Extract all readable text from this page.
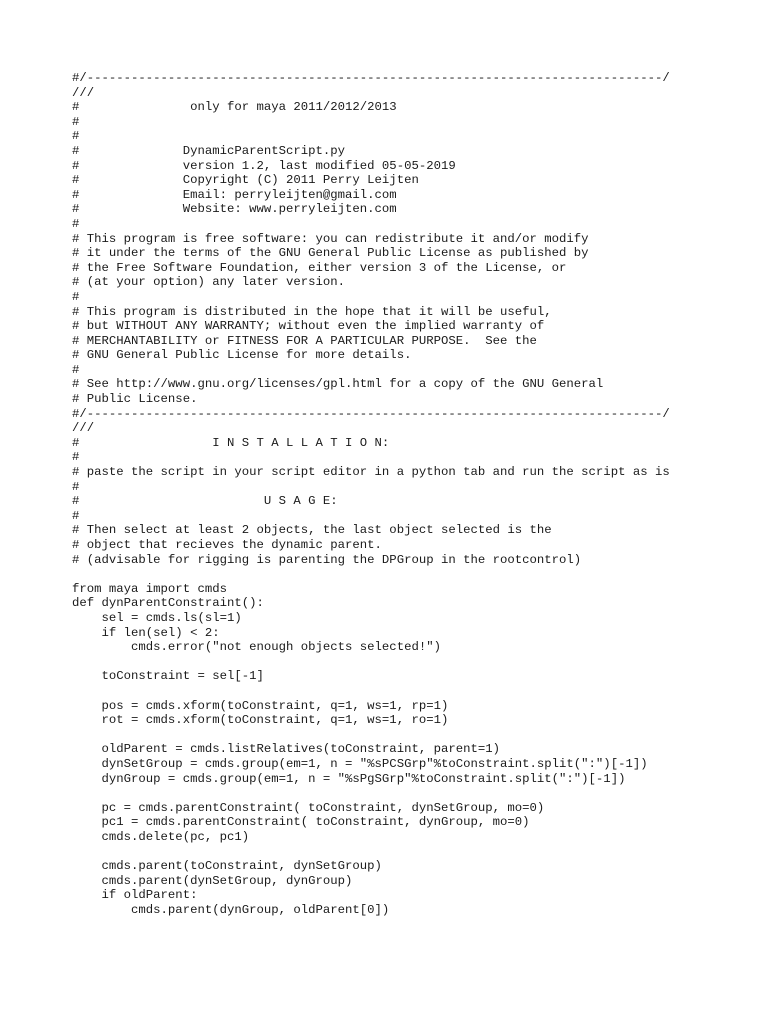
#/------------------------------------------------------------------------------/
///
#               only for maya 2011/2012/2013
#
#
#              DynamicParentScript.py
#              version 1.2, last modified 05-05-2019
#              Copyright (C) 2011 Perry Leijten
#              Email: perryleijten@gmail.com
#              Website: www.perryleijten.com
#
# This program is free software: you can redistribute it and/or modify
# it under the terms of the GNU General Public License as published by
# the Free Software Foundation, either version 3 of the License, or
# (at your option) any later version.
#
# This program is distributed in the hope that it will be useful,
# but WITHOUT ANY WARRANTY; without even the implied warranty of
# MERCHANTABILITY or FITNESS FOR A PARTICULAR PURPOSE.  See the
# GNU General Public License for more details.
#
# See http://www.gnu.org/licenses/gpl.html for a copy of the GNU General
# Public License.
#/------------------------------------------------------------------------------/
///
#                  I N S T A L L A T I O N:
#
# paste the script in your script editor in a python tab and run the script as is
#
#                         U S A G E:
#
# Then select at least 2 objects, the last object selected is the
# object that recieves the dynamic parent.
# (advisable for rigging is parenting the DPGroup in the rootcontrol)
from maya import cmds
def dynParentConstraint():
sel = cmds.ls(sl=1)
if len(sel) < 2:
cmds.error("not enough objects selected!")
toConstraint = sel[-1]
pos = cmds.xform(toConstraint, q=1, ws=1, rp=1)
rot = cmds.xform(toConstraint, q=1, ws=1, ro=1)
oldParent = cmds.listRelatives(toConstraint, parent=1)
dynSetGroup = cmds.group(em=1, n = "%sPCSGrp"%toConstraint.split(":")[-1])
dynGroup = cmds.group(em=1, n = "%sPgSGrp"%toConstraint.split(":")[-1])
pc = cmds.parentConstraint( toConstraint, dynSetGroup, mo=0)
pc1 = cmds.parentConstraint( toConstraint, dynGroup, mo=0)
cmds.delete(pc, pc1)
cmds.parent(toConstraint, dynSetGroup)
cmds.parent(dynSetGroup, dynGroup)
if oldParent:
cmds.parent(dynGroup, oldParent[0])
